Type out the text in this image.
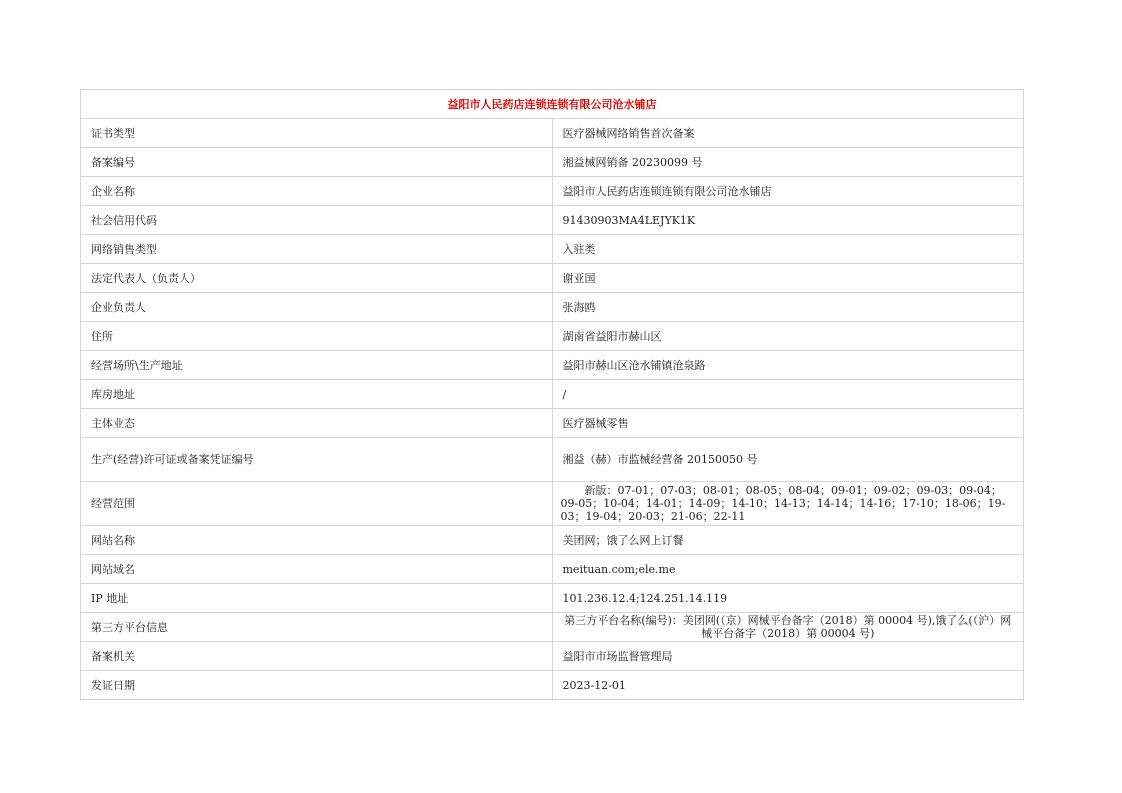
益阳市人民药店连锁连锁有限公司沧水铺店	
证书类型	医疗器械网络销售首次备案
备案编号	湘益械网销备 20230099 号
企业名称	益阳市人民药店连锁连锁有限公司沧水铺店
社会信用代码	91430903MA4LEJYK1K
网络销售类型	入驻类
法定代表人（负责人）	谢亚国
企业负责人	张海鸥
住所	湖南省益阳市赫山区
经营场所\生产地址	益阳市赫山区沧水铺镇沧泉路
库房地址	/
主体业态	医疗器械零售
生产(经营)许可证或备案凭证编号	湘益（赫）市监械经营备 20150050 号
经营范围	新版：07-01；07-03；08-01；08-05；08-04；09-01；09-02；09-03；09-04；09-05；10-04；14-01；14-09；14-10；14-13；14-14；14-16；17-10；18-06；19-03；19-04；20-03；21-06；22-11
网站名称	美团网；饿了么网上订餐
网站域名	meituan.com;ele.me
IP 地址	101.236.12.4;124.251.14.119
第三方平台信息	第三方平台名称(编号)：美团网(（京）网械平台备字（2018）第 00004 号),饿了么(（沪）网械平台备字（2018）第 00004 号)
备案机关	益阳市市场监督管理局
发证日期	2023-12-01
